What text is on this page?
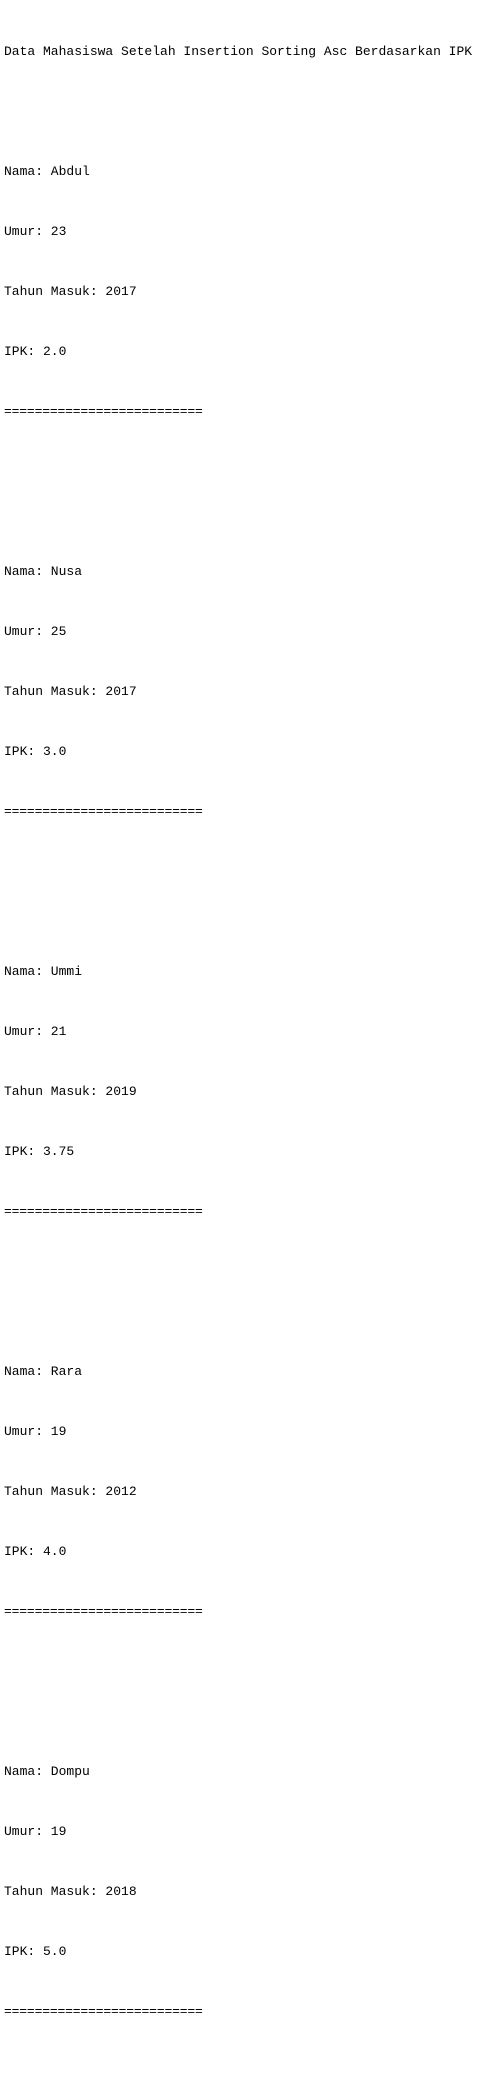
Data Mahasiswa Setelah Insertion Sorting Asc Berdasarkan IPK

Nama: Abdul

Umur: 23

Tahun Masuk: 2017

IPK: 2.0

==========================

Nama: Nusa

Umur: 25

Tahun Masuk: 2017

IPK: 3.0

==========================

Nama: Ummi

Umur: 21

Tahun Masuk: 2019

IPK: 3.75

==========================

Nama: Rara

Umur: 19

Tahun Masuk: 2012

IPK: 4.0

==========================

Nama: Dompu

Umur: 19

Tahun Masuk: 2018

IPK: 5.0

==========================
